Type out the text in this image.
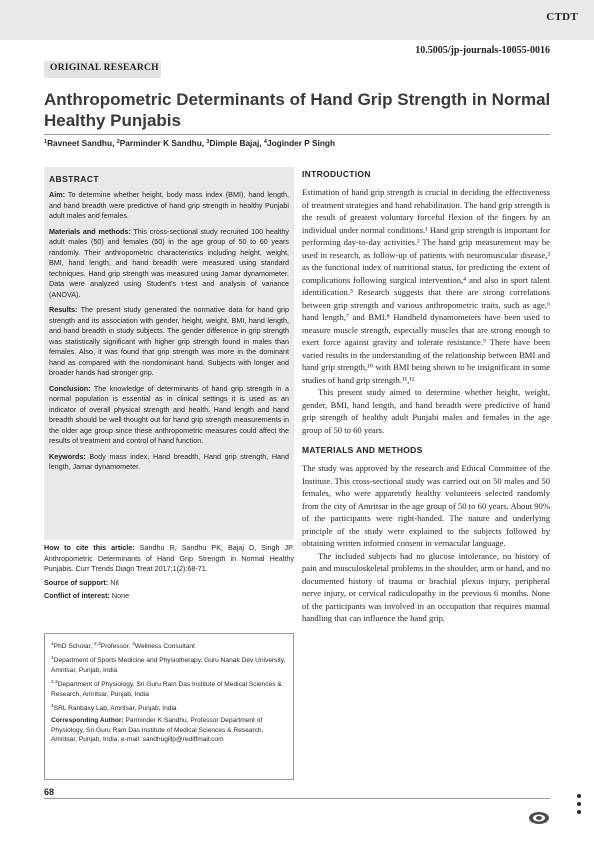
CTDT
10.5005/jp-journals-10055-0016
ORIGINAL RESEARCH
Anthropometric Determinants of Hand Grip Strength in Normal Healthy Punjabis
$^1$Ravneet Sandhu, $^2$Parminder K Sandhu, $^3$Dimple Bajaj, $^4$Joginder P Singh
ABSTRACT

Aim: To determine whether height, body mass index (BMI), hand length, and hand breadth were predictive of hand grip strength in healthy Punjabi adult males and females.

Materials and methods: This cross-sectional study recruited 100 healthy adult males (50) and females (50) in the age group of 50 to 60 years randomly. Their anthropometric characteristics including height, weight, BMI, hand length, and hand breadth were measured using standard techniques. Hand grip strength was measured using Jamar dynamometer. Data were analyzed using Student's t-test and analysis of variance (ANOVA).

Results: The present study generated the normative data for hand grip strength and its association with gender, height, weight, BMI, hand length, and hand breadth in study subjects. The gender difference in grip strength was statistically significant with higher grip strength found in males than females. Also, it was found that grip strength was more in the dominant hand as compared with the nondominant hand. Subjects with longer and broader hands had stronger grip.

Conclusion: The knowledge of determinants of hand grip strength in a normal population is essential as in clinical settings it is used as an indicator of overall physical strength and health. Hand length and hand breadth should be well thought out for hand grip strength measurements in the older age group since these anthropometric measures could affect the results of treatment and control of hand function.

Keywords: Body mass index, Hand breadth, Hand grip strength, Hand length, Jamar dynamometer.

How to cite this article: Sandhu R, Sandhu PK, Bajaj D, Singh JP. Anthropometric Determinants of Hand Grip Strength in Normal Healthy Punjabis. Curr Trends Diagn Treat 2017;1(2):68-71.

Source of support: Nil

Conflict of interest: None

$^1$PhD Scholar, $^{2,3}$Professor, $^4$Wellness Consultant

$^1$Department of Sports Medicine and Physiotherapy, Guru Nanak Dev University, Amritsar, Punjab, India

$^{2,3}$Department of Physiology, Sri Guru Ram Das Institute of Medical Sciences & Research, Amritsar, Punjab, India

$^4$SRL Ranbaxy Lab, Amritsar, Punjab, India

Corresponding Author: Parminder K Sandhu, Professor Department of Physiology, Sri Guru Ram Das Institute of Medical Sciences & Research, Amritsar, Punjab, India, e-mail: sandhugillp@rediffmail.com

INTRODUCTION

Estimation of hand grip strength is crucial in deciding the effectiveness of treatment strategies and hand rehabilitation. The hand grip strength is the result of greatest voluntary forceful flexion of the fingers by an individual under normal conditions.¹ Hand grip strength is important for performing day-to-day activities.² The hand grip measurement may be used in research, as follow-up of patients with neuromuscular disease,³ as the functional index of nutritional status, for predicting the extent of complications following surgical intervention,⁴ and also in sport talent identification.⁵ Research suggests that there are strong correlations between grip strength and various anthropometric traits, such as age,⁶ hand length,⁷ and BMI.⁸ Handheld dynamometers have been used to measure muscle strength, especially muscles that are strong enough to exert force against gravity and tolerate resistance.⁹ There have been varied results in the understanding of the relationship between BMI and hand grip strength,¹⁰ with BMI being shown to be insignificant in some studies of hand grip strength.¹¹,¹²

This present study aimed to determine whether height, weight, gender, BMI, hand length, and hand breadth were predictive of hand grip strength of healthy adult Punjabi males and females in the age group of 50 to 60 years.

MATERIALS AND METHODS

The study was approved by the research and Ethical Committee of the Institute. This cross-sectional study was carried out on 50 males and 50 females, who were apparently healthy volunteers selected randomly from the city of Amritsar in the age group of 50 to 60 years. About 90% of the participants were right-handed. The nature and underlying principle of the study were explained to the subjects followed by obtaining written informed consent in vernacular language.

The included subjects had no glucose intolerance, no history of pain and musculoskeletal problems in the shoulder, arm or hand, and no documented history of trauma or brachial plexus injury, peripheral nerve injury, or cervical radiculopathy in the previous 6 months. None of the participants was involved in an occupation that requires manual handling that can influence the hand grip.

68
